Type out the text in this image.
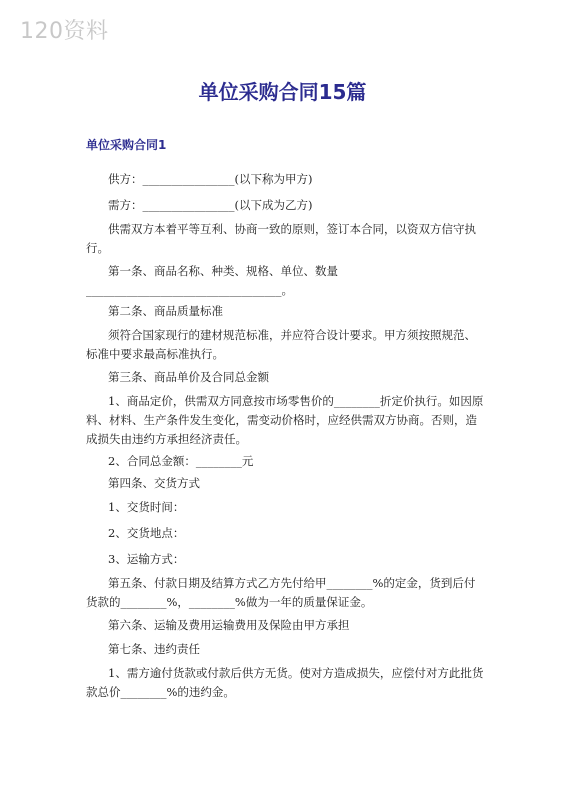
120资料
单位采购合同15篇
单位采购合同1
供方：________________(以下称为甲方)
需方：________________(以下成为乙方)
供需双方本着平等互利、协商一致的原则，签订本合同，以资双方信守执行。
第一条、商品名称、种类、规格、单位、数量__________________________________。
第二条、商品质量标准
须符合国家现行的建材规范标准，并应符合设计要求。甲方须按照规范、标准中要求最高标准执行。
第三条、商品单价及合同总金额
1、商品定价，供需双方同意按市场零售价的________折定价执行。如因原料、材料、生产条件发生变化，需变动价格时，应经供需双方协商。否则，造成损失由违约方承担经济责任。
2、合同总金额：________元
第四条、交货方式
1、交货时间：
2、交货地点：
3、运输方式：
第五条、付款日期及结算方式乙方先付给甲________%的定金，货到后付货款的________%，________%做为一年的质量保证金。
第六条、运输及费用运输费用及保险由甲方承担
第七条、违约责任
1、需方逾付货款或付款后供方无货。使对方造成损失，应偿付对方此批货款总价________%的违约金。
